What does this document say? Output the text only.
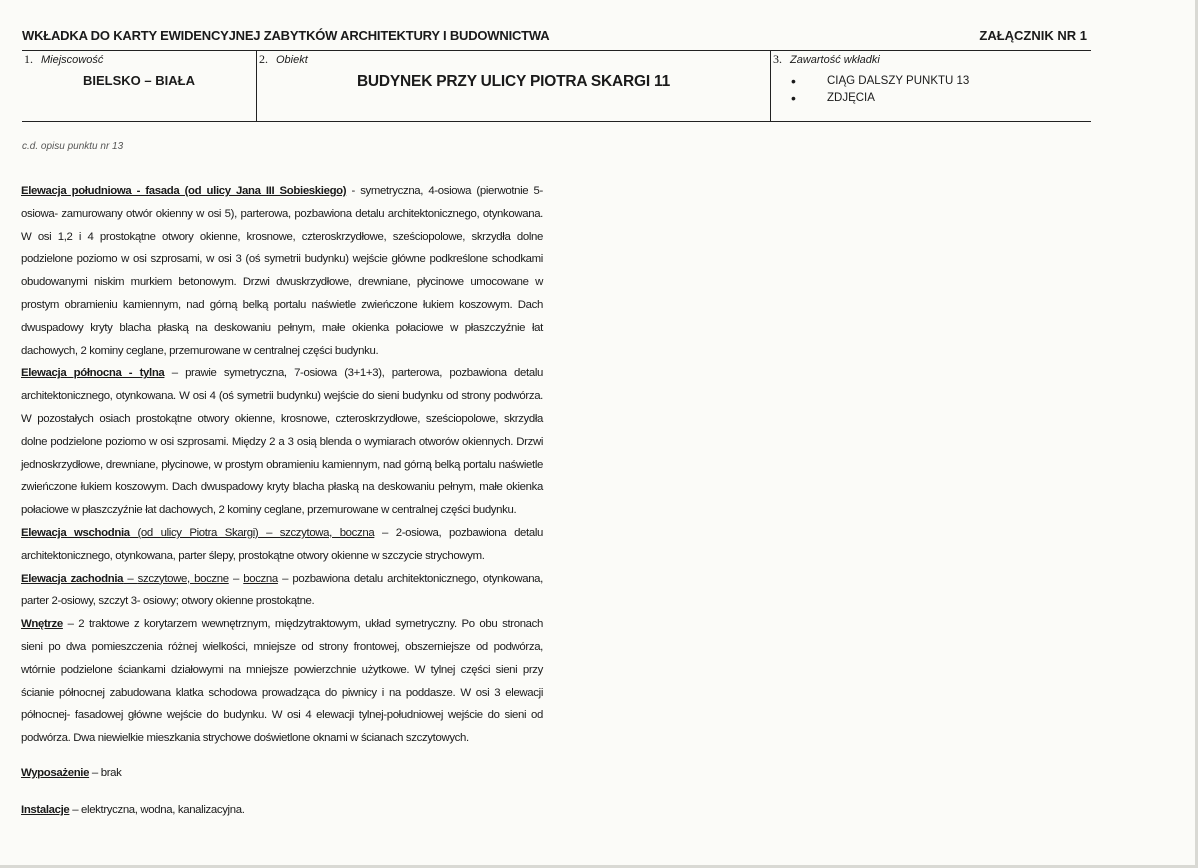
WKŁADKA DO KARTY EWIDENCYJNEJ ZABYTKÓW ARCHITEKTURY I BUDOWNICTWA	ZAŁĄCZNIK NR 1
1. Miejscowość
BIELSKO – BIAŁA
2. Obiekt
BUDYNEK PRZY ULICY PIOTRA SKARGI 11
3. Zawartość wkładki
• CIĄG DALSZY PUNKTU 13
• ZDJĘCIA
c.d. opisu punktu nr 13

Elewacja południowa - fasada (od ulicy Jana III Sobieskiego) - symetryczna, 4-osiowa (pierwotnie 5-osiowa- zamurowany otwór okienny w osi 5), parterowa, pozbawiona detalu architektonicznego, otynkowana. W osi 1,2 i 4 prostokątne otwory okienne, krosnowe, czteroskrzydłowe, sześciopolowe, skrzydła dolne podzielone poziomo w osi szprosami, w osi 3 (oś symetrii budynku) wejście główne podkreślone schodkami obudowanymi niskim murkiem betonowym. Drzwi dwuskrzydłowe, drewniane, płycinowe umocowane w prostym obramieniu kamiennym, nad górną belką portalu naświetle zwieńczone łukiem koszowym. Dach dwuspadowy kryty blacha płaską na deskowaniu pełnym, małe okienka połaciowe w płaszczyźnie łat dachowych, 2 kominy ceglane, przemurowane w centralnej części budynku.

Elewacja północna - tylna – prawie symetryczna, 7-osiowa (3+1+3), parterowa, pozbawiona detalu architektonicznego, otynkowana. W osi 4 (oś symetrii budynku) wejście do sieni budynku od strony podwórza. W pozostałych osiach prostokątne otwory okienne, krosnowe, czteroskrzydłowe, sześciopolowe, skrzydła dolne podzielone poziomo w osi szprosami. Między 2 a 3 osią blenda o wymiarach otworów okiennych. Drzwi jednoskrzydłowe, drewniane, płycinowe, w prostym obramieniu kamiennym, nad górną belką portalu naświetle zwieńczone łukiem koszowym. Dach dwuspadowy kryty blacha płaską na deskowaniu pełnym, małe okienka połaciowe w płaszczyźnie łat dachowych, 2 kominy ceglane, przemurowane w centralnej części budynku.

Elewacja wschodnia (od ulicy Piotra Skargi) – szczytowa, boczna – 2-osiowa, pozbawiona detalu architektonicznego, otynkowana, parter ślepy, prostokątne otwory okienne w szczycie strychowym.

Elewacja zachodnia – szczytowe, boczne – boczna – pozbawiona detalu architektonicznego, otynkowana, parter 2-osiowy, szczyt 3- osiowy; otwory okienne prostokątne.

Wnętrze – 2 traktowe z korytarzem wewnętrznym, międzytraktowym, układ symetryczny. Po obu stronach sieni po dwa pomieszczenia różnej wielkości, mniejsze od strony frontowej, obszerniejsze od podwórza, wtórnie podzielone ściankami działowymi na mniejsze powierzchnie użytkowe. W tylnej części sieni przy ścianie północnej zabudowana klatka schodowa prowadząca do piwnicy i na poddasze. W osi 3 elewacji północnej- fasadowej główne wejście do budynku. W osi 4 elewacji tylnej-południowej wejście do sieni od podwórza. Dwa niewielkie mieszkania strychowe doświetlone oknami w ścianach szczytowych.

Wyposażenie – brak

Instalacje – elektryczna, wodna, kanalizacyjna.
